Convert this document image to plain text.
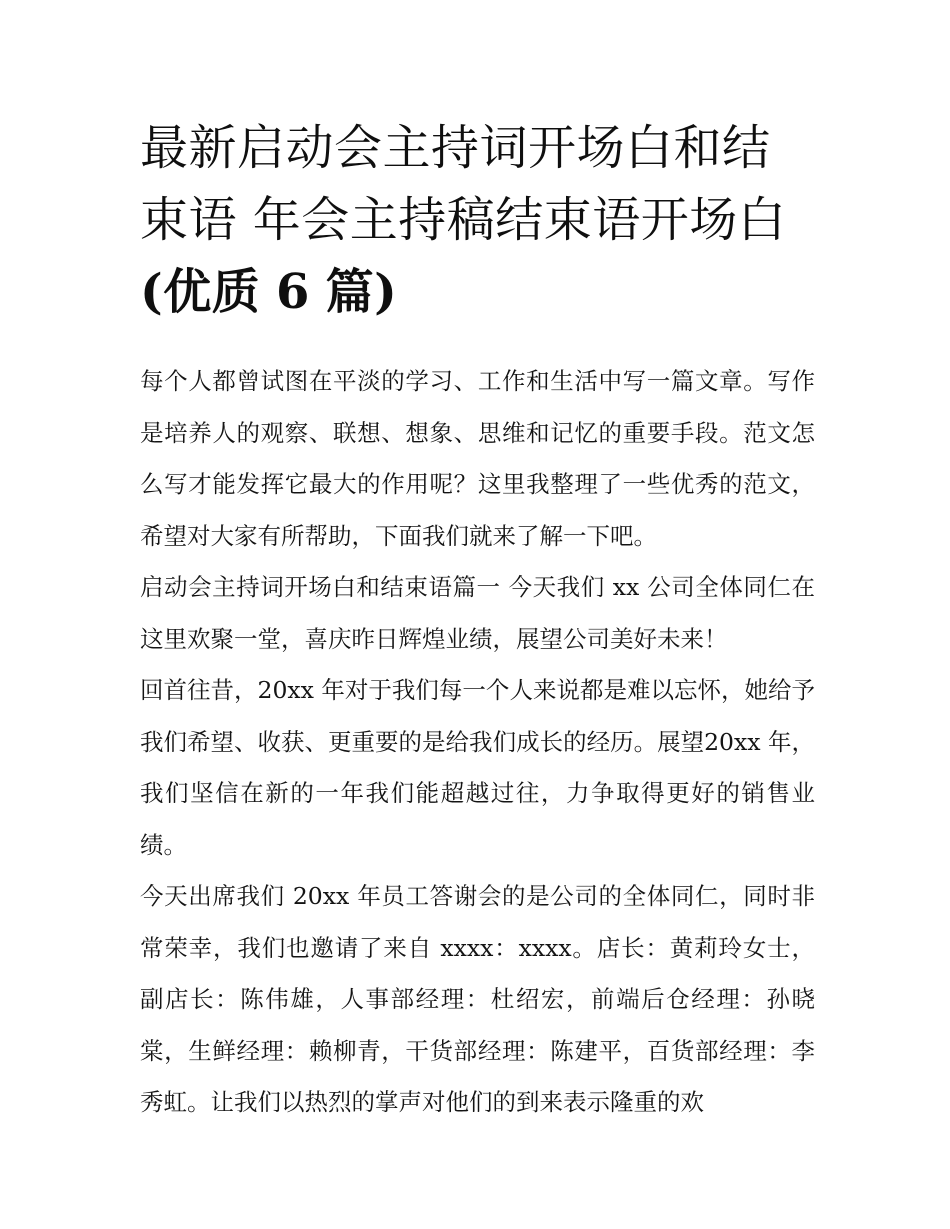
最新启动会主持词开场白和结
束语 年会主持稿结束语开场白
(优质 6 篇)

每个人都曾试图在平淡的学习、工作和生活中写一篇文章。写作是培养人的观察、联想、想象、思维和记忆的重要手段。范文怎么写才能发挥它最大的作用呢？这里我整理了一些优秀的范文，希望对大家有所帮助，下面我们就来了解一下吧。

启动会主持词开场白和结束语篇一 今天我们 xx 公司全体同仁在这里欢聚一堂，喜庆昨日辉煌业绩，展望公司美好未来！

回首往昔，20xx 年对于我们每一个人来说都是难以忘怀，她给予我们希望、收获、更重要的是给我们成长的经历。展望20xx 年，我们坚信在新的一年我们能超越过往，力争取得更好的销售业绩。

今天出席我们 20xx 年员工答谢会的是公司的全体同仁，同时非常荣幸，我们也邀请了来自 xxxx：xxxx。店长：黄莉玲女士，副店长：陈伟雄，人事部经理：杜绍宏，前端后仓经理：孙晓棠，生鲜经理：赖柳青，干货部经理：陈建平，百货部经理：李秀虹。让我们以热烈的掌声对他们的到来表示隆重的欢
